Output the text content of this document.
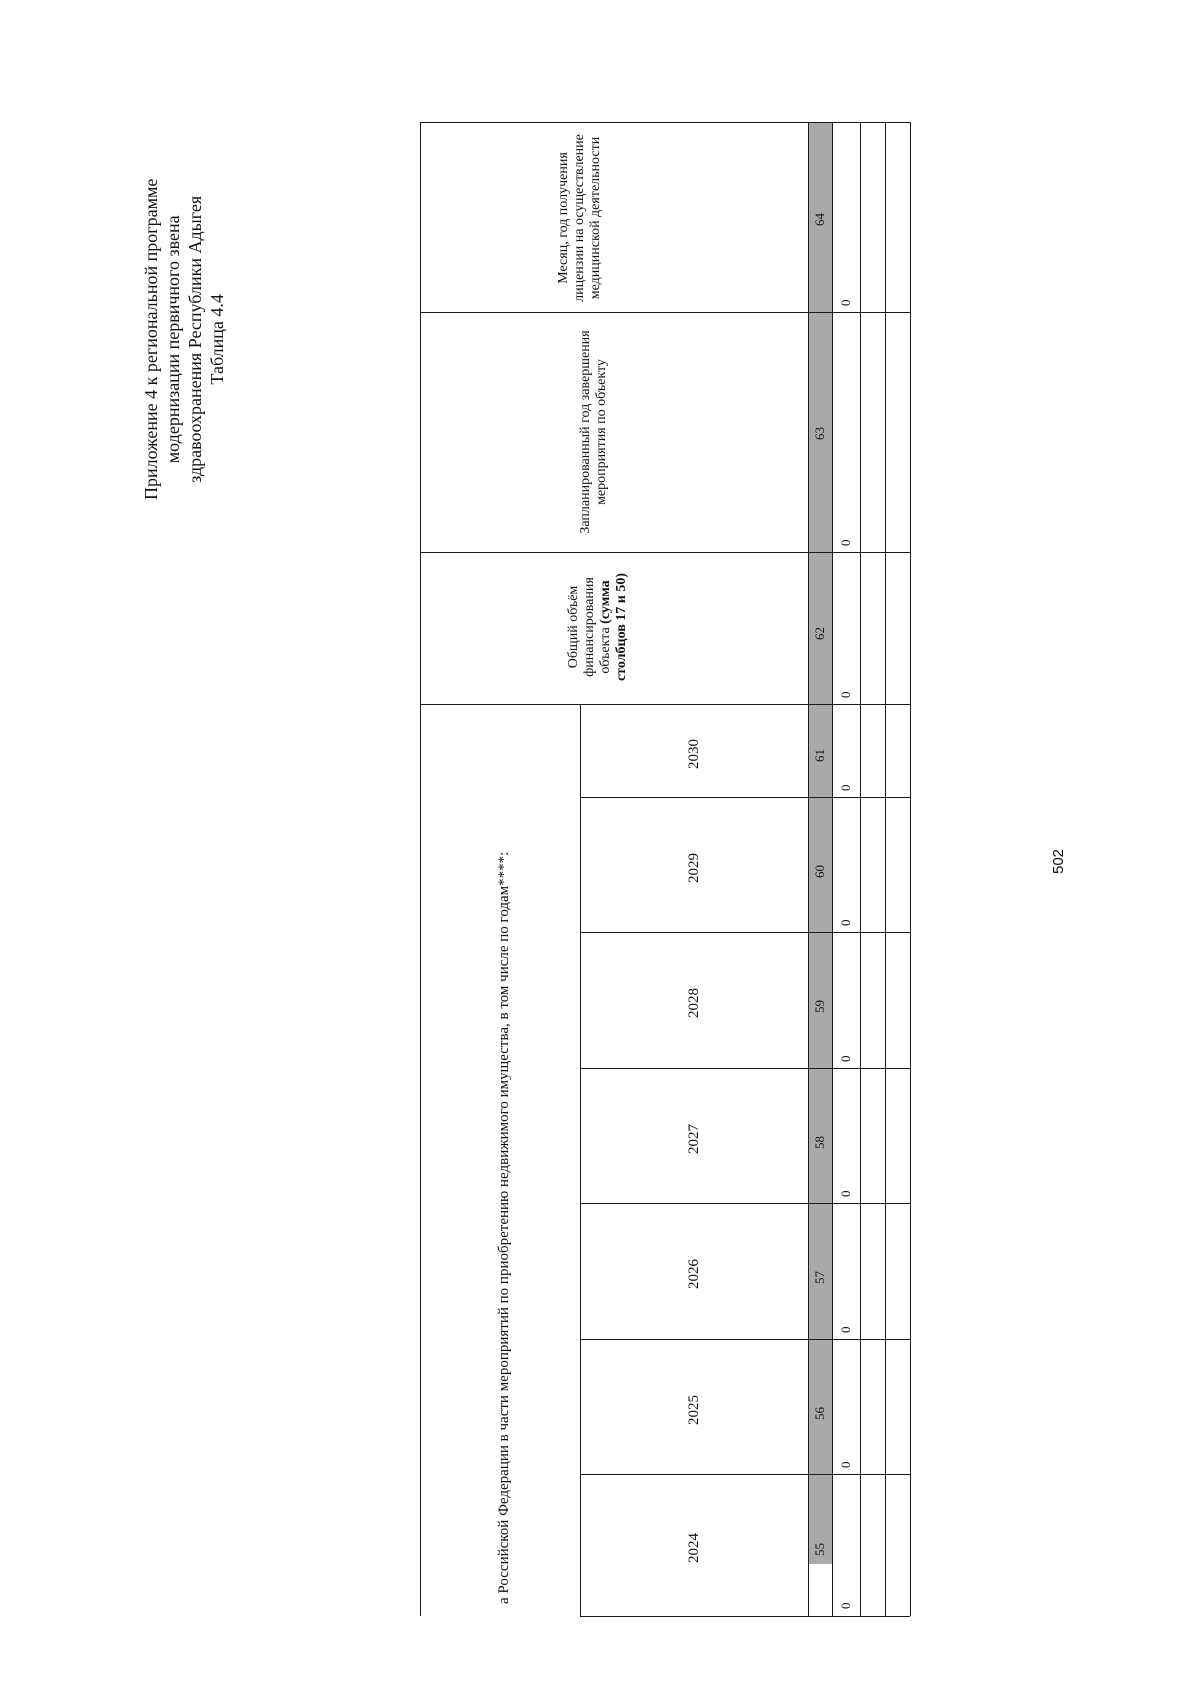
Приложение 4 к региональной программе модернизации первичного звена здравоохранения Республики Адыгея Таблица 4.4
а Российской Федерации в части мероприятий по приобретению недвижимого имущества, в том числе по годам****:	2024
2025
2026
2027
2028
2029
2030
Общий объём финансирования объекта (сумма столбцов 17 и 50)
Запланированный год завершения мероприятия по объекту
Месяц, год получения лицензии на осуществление медицинской деятельности
55
56
57
58
59
60
61
62
63
64
0
0
0
0
0
0
0
0
0
0
502
